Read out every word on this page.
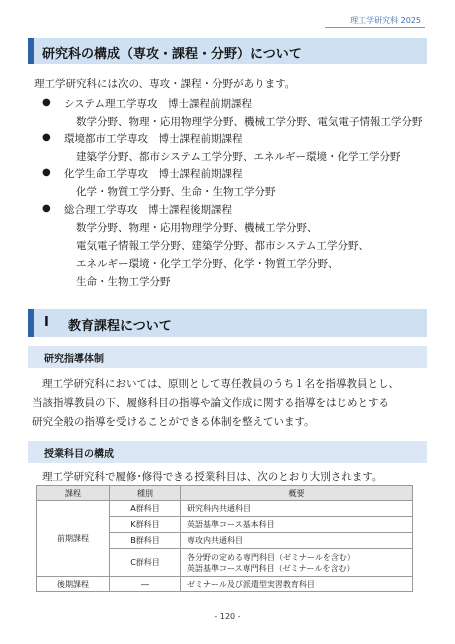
理工学研究科 2025
研究科の構成（専攻・課程・分野）について
理工学研究科には次の、専攻・課程・分野があります。
● システム理工学専攻　博士課程前期課程
数学分野、物理・応用物理学分野、機械工学分野、電気電子情報工学分野
● 環境都市工学専攻　博士課程前期課程
建築学分野、都市システム工学分野、エネルギー環境・化学工学分野
● 化学生命工学専攻　博士課程前期課程
化学・物質工学分野、生命・生物工学分野
● 総合理工学専攻　博士課程後期課程
数学分野、物理・応用物理学分野、機械工学分野、
電気電子情報工学分野、建築学分野、都市システム工学分野、
エネルギー環境・化学工学分野、化学・物質工学分野、
生命・生物工学分野
I 教育課程について
研究指導体制
理工学研究科においては、原則として専任教員のうち１名を指導教員とし、
当該指導教員の下、履修科目の指導や論文作成に関する指導をはじめとする
研究全般の指導を受けることができる体制を整えています。
授業科目の構成
理工学研究科で履修･修得できる授業科目は、次のとおり大別されます。
課程	種別	概要
前期課程	A群科目	研究科内共通科目
	K群科目	英語基準コース基本科目
	B群科目	専攻内共通科目
	C群科目	各分野の定める専門科目（ゼミナールを含む）
英語基準コース専門科目（ゼミナールを含む）

後期課程	―	ゼミナール及び派遣型実習教育科目
- 120 -
